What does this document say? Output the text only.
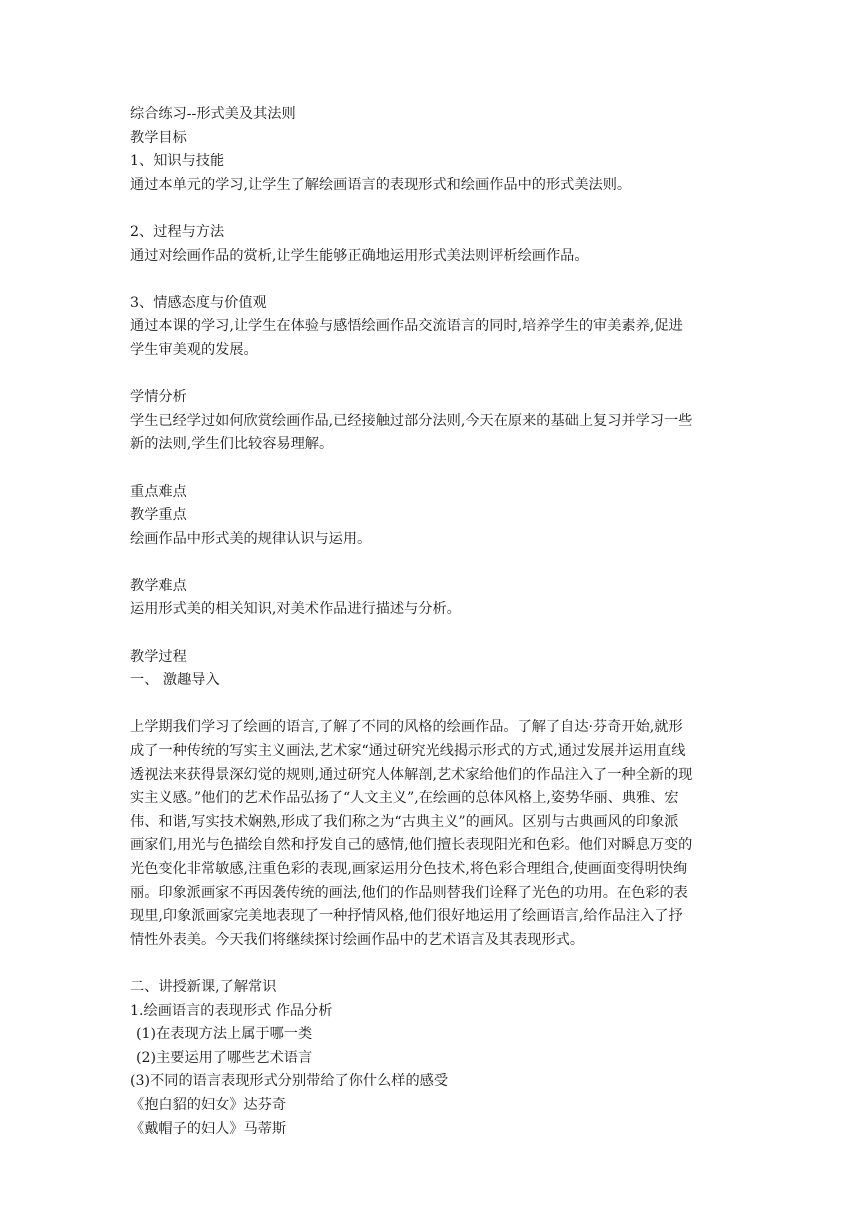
综合练习--形式美及其法则
教学目标
1、知识与技能
通过本单元的学习,让学生了解绘画语言的表现形式和绘画作品中的形式美法则。
2、过程与方法
通过对绘画作品的赏析,让学生能够正确地运用形式美法则评析绘画作品。
3、情感态度与价值观
通过本课的学习,让学生在体验与感悟绘画作品交流语言的同时,培养学生的审美素养,促进
学生审美观的发展。
学情分析
学生已经学过如何欣赏绘画作品,已经接触过部分法则,今天在原来的基础上复习并学习一些
新的法则,学生们比较容易理解。
重点难点
教学重点
绘画作品中形式美的规律认识与运用。
教学难点
运用形式美的相关知识,对美术作品进行描述与分析。
教学过程
一、 激趣导入
上学期我们学习了绘画的语言,了解了不同的风格的绘画作品。了解了自达·芬奇开始,就形
成了一种传统的写实主义画法,艺术家“通过研究光线揭示形式的方式,通过发展并运用直线
透视法来获得景深幻觉的规则,通过研究人体解剖,艺术家给他们的作品注入了一种全新的现
实主义感。”他们的艺术作品弘扬了“人文主义”,在绘画的总体风格上,姿势华丽、典雅、宏
伟、和谐,写实技术娴熟,形成了我们称之为“古典主义”的画风。区别与古典画风的印象派
画家们,用光与色描绘自然和抒发自己的感情,他们擅长表现阳光和色彩。他们对瞬息万变的
光色变化非常敏感,注重色彩的表现,画家运用分色技术,将色彩合理组合,使画面变得明快绚
丽。印象派画家不再因袭传统的画法,他们的作品则替我们诠释了光色的功用。在色彩的表
现里,印象派画家完美地表现了一种抒情风格,他们很好地运用了绘画语言,给作品注入了抒
情性外表美。今天我们将继续探讨绘画作品中的艺术语言及其表现形式。
二、讲授新课,了解常识
1.绘画语言的表现形式 作品分析
(1)在表现方法上属于哪一类
(2)主要运用了哪些艺术语言
(3)不同的语言表现形式分别带给了你什么样的感受
《抱白貂的妇女》达芬奇
《戴帽子的妇人》马蒂斯
